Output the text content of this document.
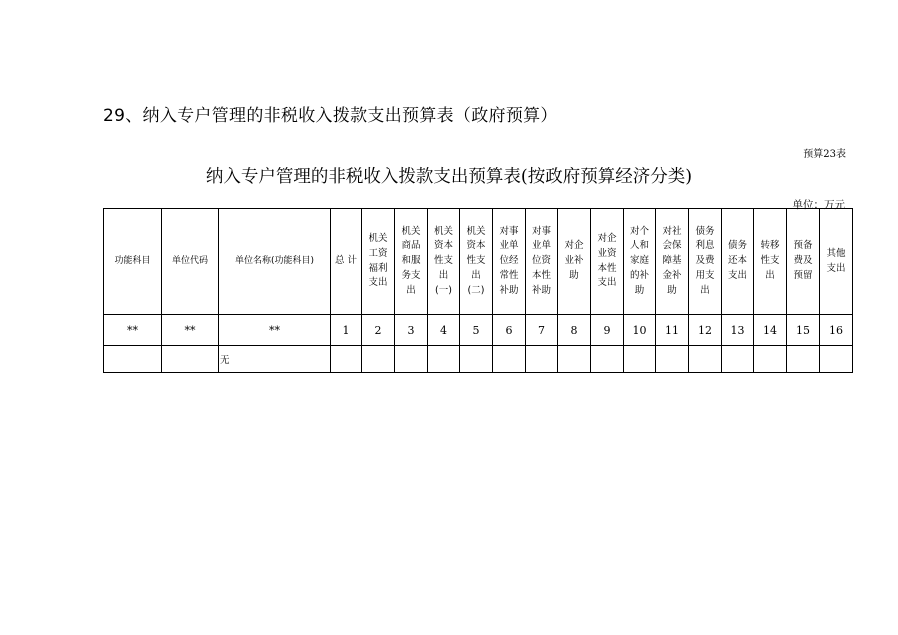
29、纳入专户管理的非税收入拨款支出预算表（政府预算）
预算23表
纳入专户管理的非税收入拨款支出预算表(按政府预算经济分类)
单位：万元
功能科目	单位代码	单位名称(功能科目)	总 计	机关工资福利支出	机关商品和服务支出	机关资本性支出(一)	机关资本性支出(二)	对事业单位经常性补助	对事业单位资本性补助	对企业补助	对企业资本性支出	对个人和家庭的补助	对社会保障基金补助	债务利息及费用支出	债务还本支出	转移性支出	预备费及预留	其他支出
**	**	**	1	2	3	4	5	6	7	8	9	10	11	12	13	14	15	16
		无																
